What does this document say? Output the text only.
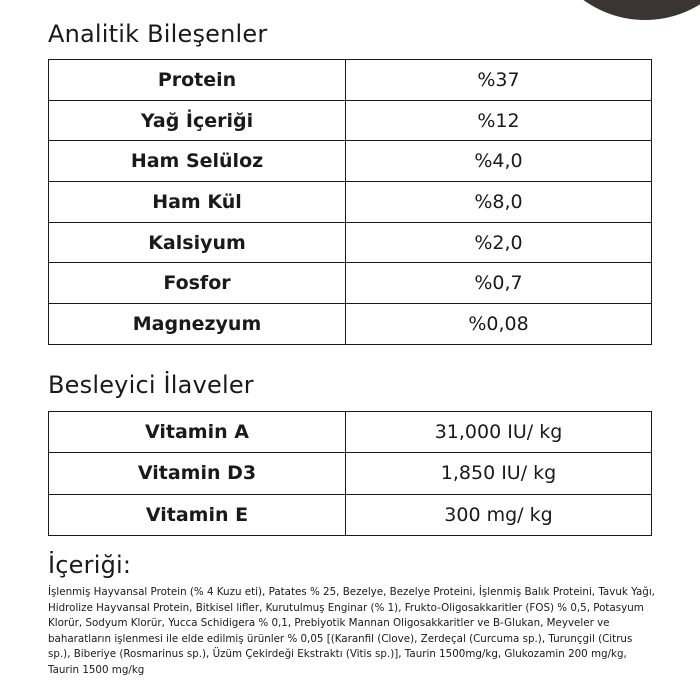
Analitik Bileşenler
Protein	%37
Yağ İçeriği	%12
Ham Selüloz	%4,0
Ham Kül	%8,0
Kalsiyum	%2,0
Fosfor	%0,7
Magnezyum	%0,08
Besleyici İlaveler
Vitamin A	31,000 IU/ kg
Vitamin D3	1,850 IU/ kg
Vitamin E	300 mg/ kg
İçeriği:

İşlenmiş Hayvansal Protein (% 4 Kuzu eti), Patates % 25, Bezelye, Bezelye Proteini, İşlenmiş Balık Proteini, Tavuk Yağı, Hidrolize Hayvansal Protein, Bitkisel lifler, Kurutulmuş Enginar (% 1), Frukto-Oligosakkaritler (FOS) % 0,5, Potasyum Klorür, Sodyum Klorür, Yucca Schidigera % 0,1, Prebiyotik Mannan Oligosakkaritler ve B-Glukan, Meyveler ve baharatların işlenmesi ile elde edilmiş ürünler % 0,05 [(Karanfil (Clove), Zerdeçal (Curcuma sp.), Turunçgil (Citrus sp.), Biberiye (Rosmarinus sp.), Üzüm Çekirdeği Ekstraktı (Vitis sp.)], Taurin 1500mg/kg, Glukozamin 200 mg/kg, Taurin 1500 mg/kg
